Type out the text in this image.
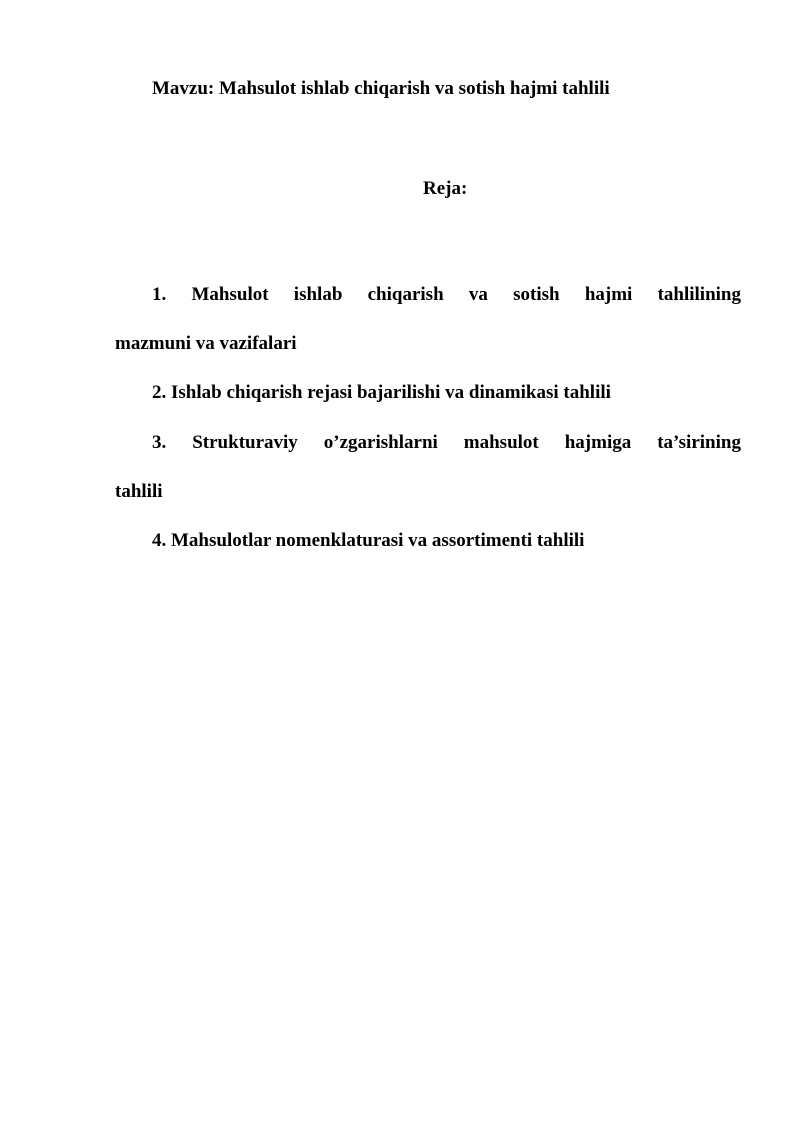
Mavzu: Mahsulot ishlab chiqarish va sotish hajmi tahlili
Reja:
1. Mahsulot ishlab chiqarish va sotish hajmi tahlilining
mazmuni va vazifalari
2. Ishlab chiqarish rejasi bajarilishi va dinamikasi tahlili
3. Strukturaviy o’zgarishlarni mahsulot hajmiga ta’sirining
tahlili
4. Mahsulotlar nomenklaturasi va assortimenti tahlili
